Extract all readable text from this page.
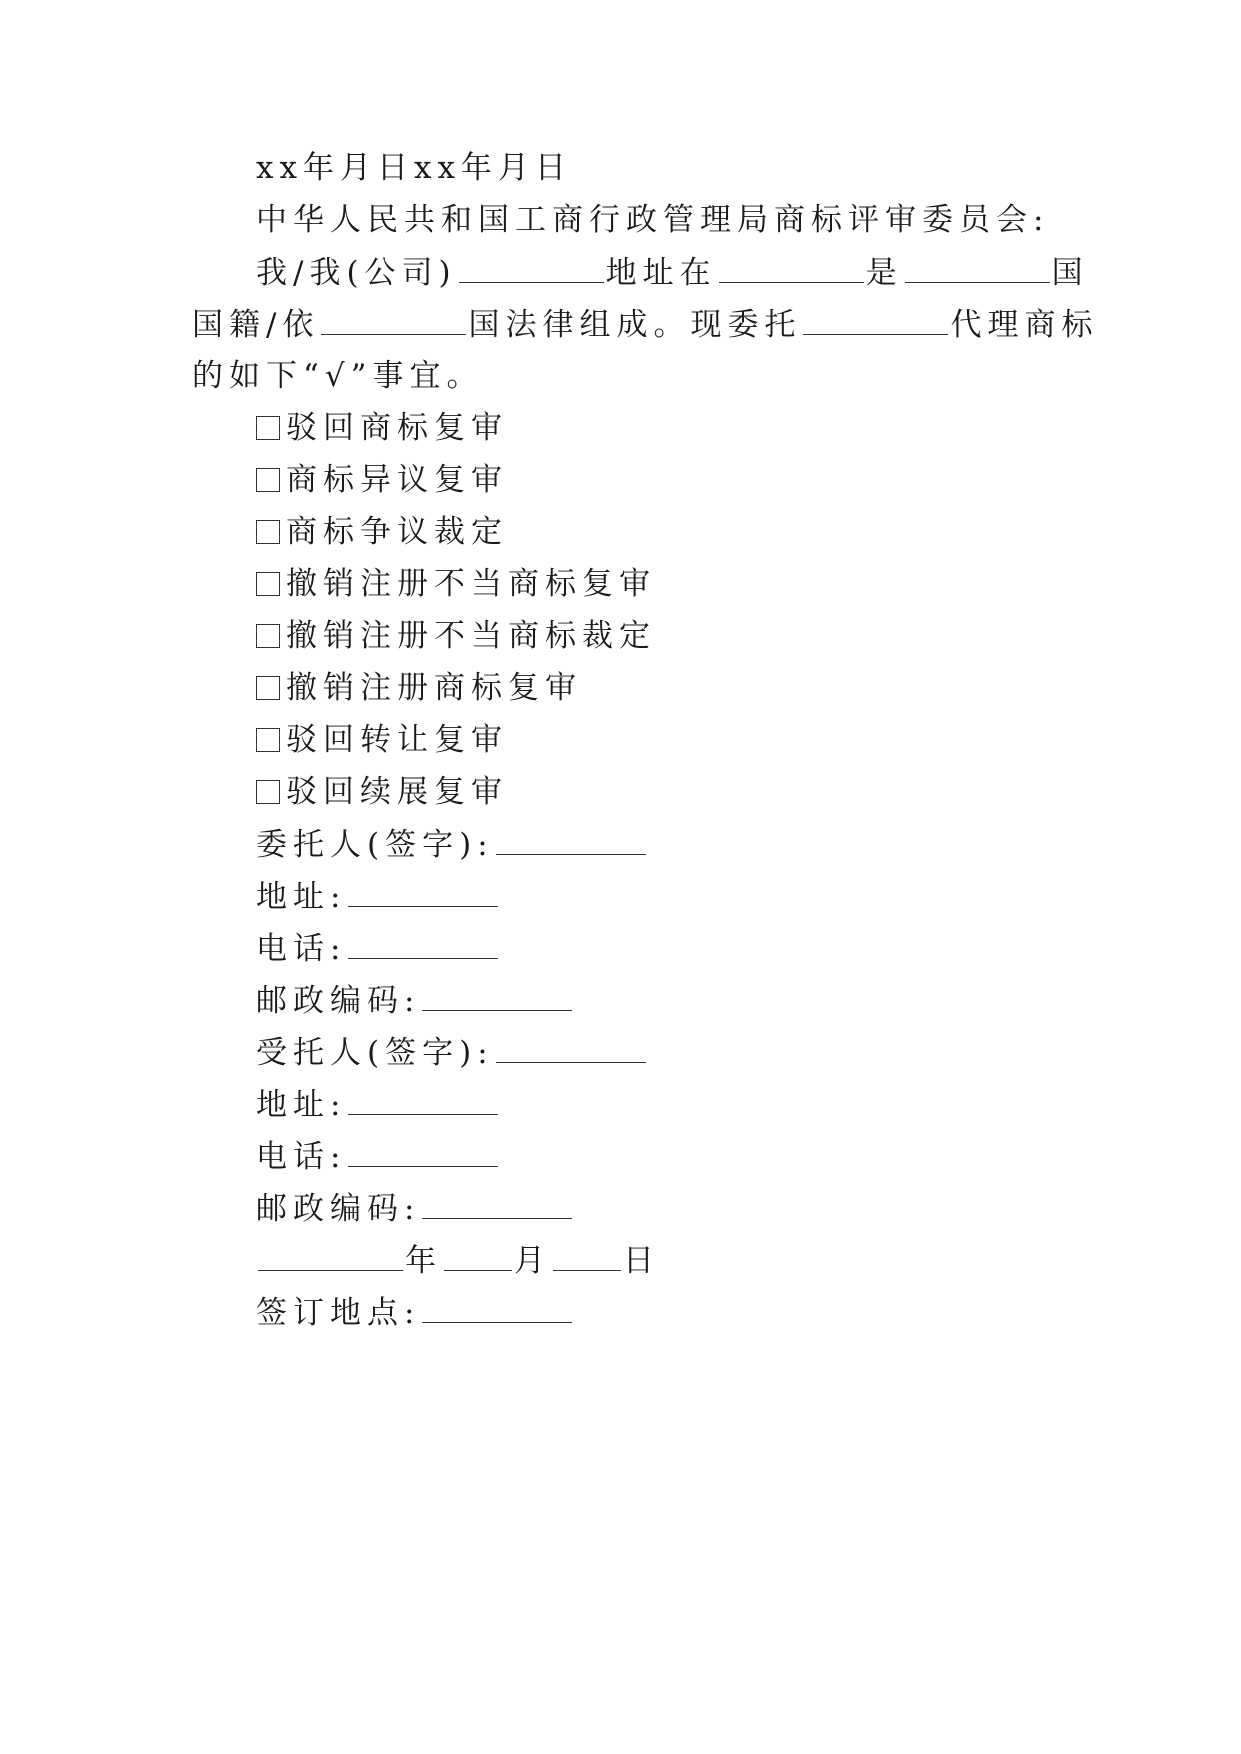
xx年月日xx年月日
中华人民共和国工商行政管理局商标评审委员会:
我/我(公司)	地址在	是	国
国籍/依	国法律组成。现委托	代理商标
的如下“√”事宜。
驳回商标复审
商标异议复审
商标争议裁定
撤销注册不当商标复审
撤销注册不当商标裁定
撤销注册商标复审
驳回转让复审
驳回续展复审
委托人(签字):
地址:
电话:
邮政编码:
受托人(签字):
地址:
电话:
邮政编码:
年 月 日
签订地点:
